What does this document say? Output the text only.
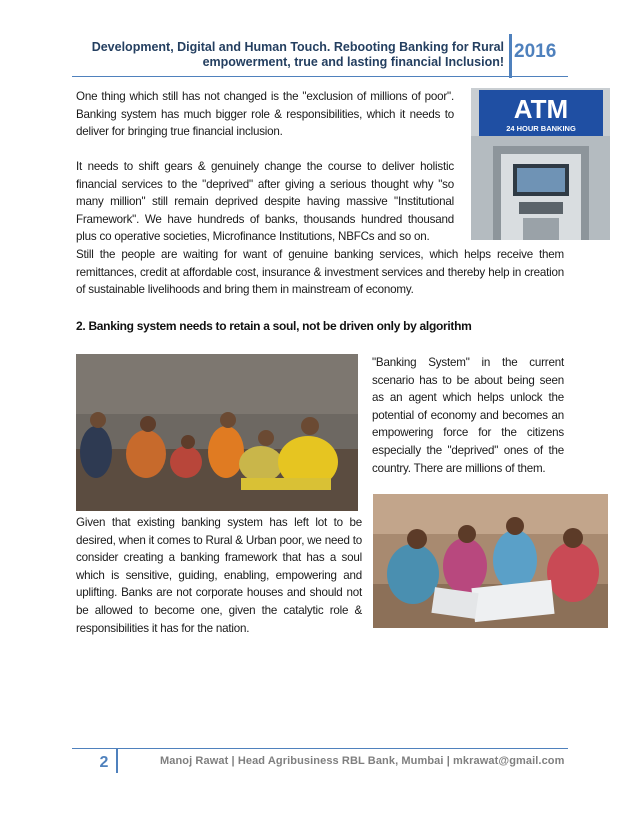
Development, Digital and Human Touch. Rebooting Banking for Rural empowerment, true and lasting financial Inclusion! 2016
One thing which still has not changed is the "exclusion of millions of poor". Banking system has much bigger role & responsibilities, which it needs to deliver for bringing true financial inclusion.
It needs to shift gears & genuinely change the course to deliver holistic financial services to the "deprived" after giving a serious thought why "so many million" still remain deprived despite having massive "Institutional Framework". We have hundreds of banks, thousands hundred thousand plus co operative societies, Microfinance Institutions, NBFCs and so on.
Still the people are waiting for want of genuine banking services, which helps receive them remittances, credit at affordable cost, insurance & investment services and thereby help in creation of sustainable livelihoods and bring them in mainstream of economy.
ATM
24 HOUR BANKING
2. Banking system needs to retain a soul, not be driven only by algorithm
"Banking System" in the current scenario has to be about being seen as an agent which helps unlock the potential of economy and becomes an empowering force for the citizens especially the "deprived" ones of the country. There are millions of them.
Given that existing banking system has left lot to be desired, when it comes to Rural & Urban poor, we need to consider creating a banking framework that has a soul which is sensitive, guiding, enabling, empowering and uplifting. Banks are not corporate houses and should not be allowed to become one, given the catalytic role & responsibilities it has for the nation.
2	Manoj Rawat | Head Agribusiness RBL Bank, Mumbai | mkrawat@gmail.com
